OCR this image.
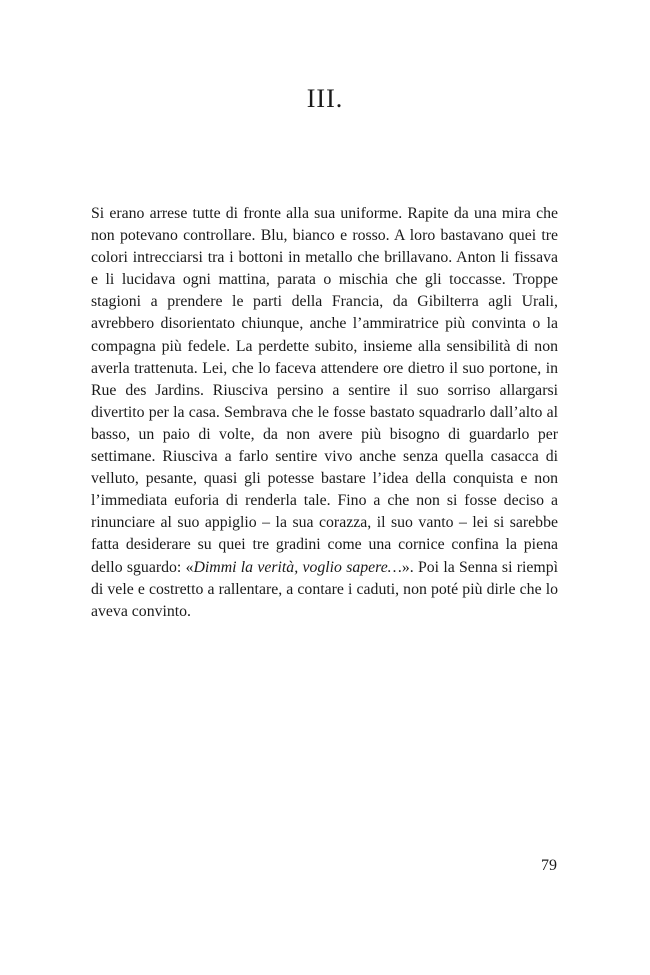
III.

Si erano arrese tutte di fronte alla sua uniforme. Rapite da una mira che non potevano controllare. Blu, bianco e rosso. A loro bastavano quei tre colori intrecciarsi tra i bottoni in metallo che brillavano. Anton li fissava e li lucidava ogni mattina, parata o mischia che gli toccasse. Troppe stagioni a prendere le parti della Francia, da Gibilterra agli Urali, avrebbero disorientato chiunque, anche l’ammiratrice più convinta o la compagna più fedele. La perdette subito, insieme alla sensibilità di non averla trattenuta. Lei, che lo faceva attendere ore dietro il suo portone, in Rue des Jardins. Riusciva persino a sentire il suo sorriso allargarsi divertito per la casa. Sembrava che le fosse bastato squadrarlo dall’alto al basso, un paio di volte, da non avere più bisogno di guardarlo per settimane. Riusciva a farlo sentire vivo anche senza quella casacca di velluto, pesante, quasi gli potesse bastare l’idea della conquista e non l’immediata euforia di renderla tale. Fino a che non si fosse deciso a rinunciare al suo appiglio – la sua corazza, il suo vanto – lei si sarebbe fatta desiderare su quei tre gradini come una cornice confina la piena dello sguardo: «Dimmi la verità, voglio sapere…». Poi la Senna si riempì di vele e costretto a rallentare, a contare i caduti, non poté più dirle che lo aveva convinto.

79
